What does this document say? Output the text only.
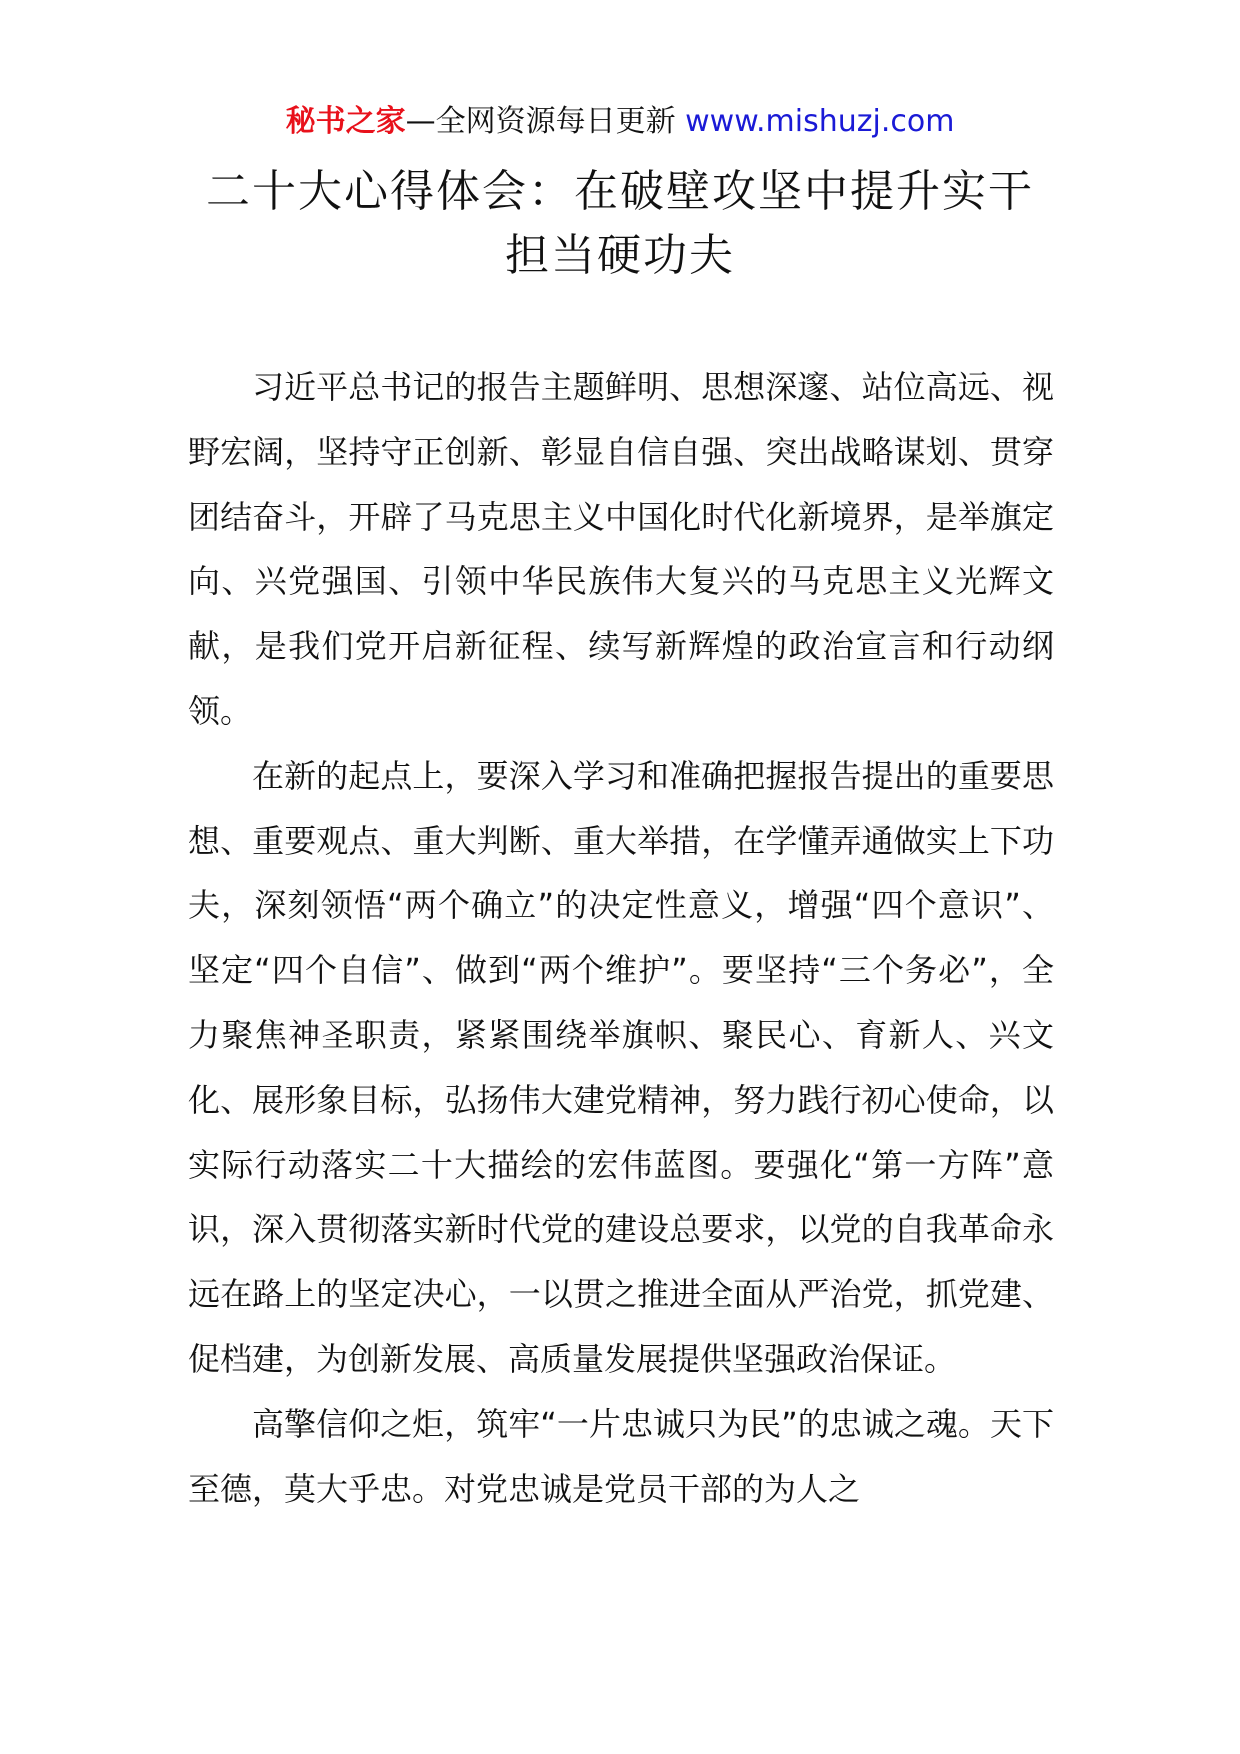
秘书之家—全网资源每日更新 www.mishuzj.com
二十大心得体会：在破壁攻坚中提升实干
担当硬功夫

习近平总书记的报告主题鲜明、思想深邃、站位高远、视野宏阔，坚持守正创新、彰显自信自强、突出战略谋划、贯穿团结奋斗，开辟了马克思主义中国化时代化新境界，是举旗定向、兴党强国、引领中华民族伟大复兴的马克思主义光辉文献，是我们党开启新征程、续写新辉煌的政治宣言和行动纲领。

在新的起点上，要深入学习和准确把握报告提出的重要思想、重要观点、重大判断、重大举措，在学懂弄通做实上下功夫，深刻领悟“两个确立”的决定性意义，增强“四个意识”、坚定“四个自信”、做到“两个维护”。要坚持“三个务必”，全力聚焦神圣职责，紧紧围绕举旗帜、聚民心、育新人、兴文化、展形象目标，弘扬伟大建党精神，努力践行初心使命，以实际行动落实二十大描绘的宏伟蓝图。要强化“第一方阵”意识，深入贯彻落实新时代党的建设总要求，以党的自我革命永远在路上的坚定决心，一以贯之推进全面从严治党，抓党建、促档建，为创新发展、高质量发展提供坚强政治保证。

高擎信仰之炬，筑牢“一片忠诚只为民”的忠诚之魂。天下至德，莫大乎忠。对党忠诚是党员干部的为人之
